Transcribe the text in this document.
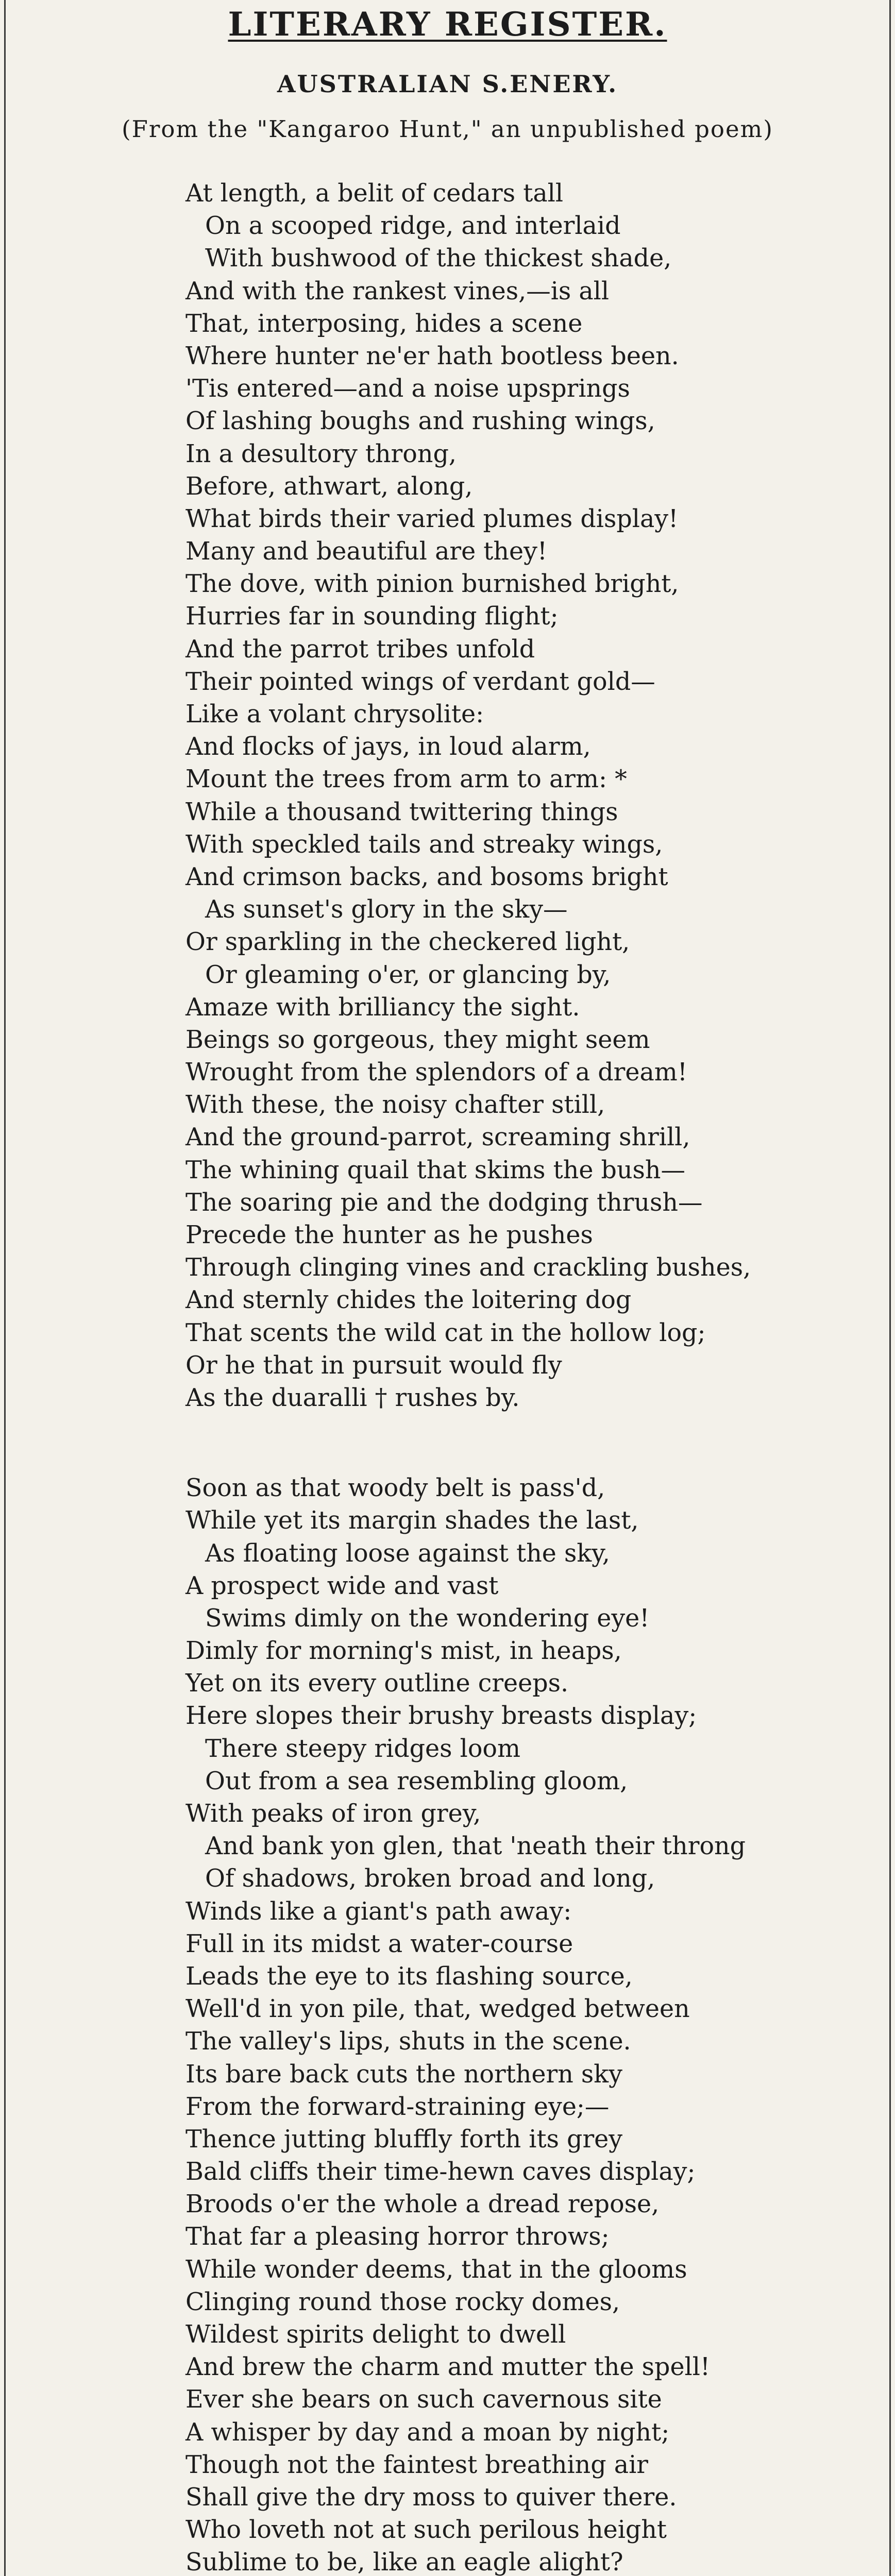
LITERARY REGISTER.
AUSTRALIAN S.ENERY.
(From the "Kangaroo Hunt," an unpublished poem)
At length, a belit of cedars tall
On a scooped ridge, and interlaid
With bushwood of the thickest shade,
And with the rankest vines,—is all
That, interposing, hides a scene
Where hunter ne'er hath bootless been.
'Tis entered—and a noise upsprings
Of lashing boughs and rushing wings,
In a desultory throng,
Before, athwart, along,
What birds their varied plumes display!
Many and beautiful are they!
The dove, with pinion burnished bright,
Hurries far in sounding flight;
And the parrot tribes unfold
Their pointed wings of verdant gold—
Like a volant chrysolite:
And flocks of jays, in loud alarm,
Mount the trees from arm to arm: *
While a thousand twittering things
With speckled tails and streaky wings,
And crimson backs, and bosoms bright
As sunset's glory in the sky—
Or sparkling in the checkered light,
Or gleaming o'er, or glancing by,
Amaze with brilliancy the sight.
Beings so gorgeous, they might seem
Wrought from the splendors of a dream!
With these, the noisy chafter still,
And the ground-parrot, screaming shrill,
The whining quail that skims the bush—
The soaring pie and the dodging thrush—
Precede the hunter as he pushes
Through clinging vines and crackling bushes,
And sternly chides the loitering dog
That scents the wild cat in the hollow log;
Or he that in pursuit would fly
As the duaralli † rushes by.
Soon as that woody belt is pass'd,
While yet its margin shades the last,
As floating loose against the sky,
A prospect wide and vast
Swims dimly on the wondering eye!
Dimly for morning's mist, in heaps,
Yet on its every outline creeps.
Here slopes their brushy breasts display;
There steepy ridges loom
Out from a sea resembling gloom,
With peaks of iron grey,
And bank yon glen, that 'neath their throng
Of shadows, broken broad and long,
Winds like a giant's path away:
Full in its midst a water-course
Leads the eye to its flashing source,
Well'd in yon pile, that, wedged between
The valley's lips, shuts in the scene.
Its bare back cuts the northern sky
From the forward-straining eye;—
Thence jutting bluffly forth its grey
Bald cliffs their time-hewn caves display;
Broods o'er the whole a dread repose,
That far a pleasing horror throws;
While wonder deems, that in the glooms
Clinging round those rocky domes,
Wildest spirits delight to dwell
And brew the charm and mutter the spell!
Ever she bears on such cavernous site
A whisper by day and a moan by night;
Though not the faintest breathing air
Shall give the dry moss to quiver there.
Who loveth not at such perilous height
Sublime to be, like an eagle alight?
